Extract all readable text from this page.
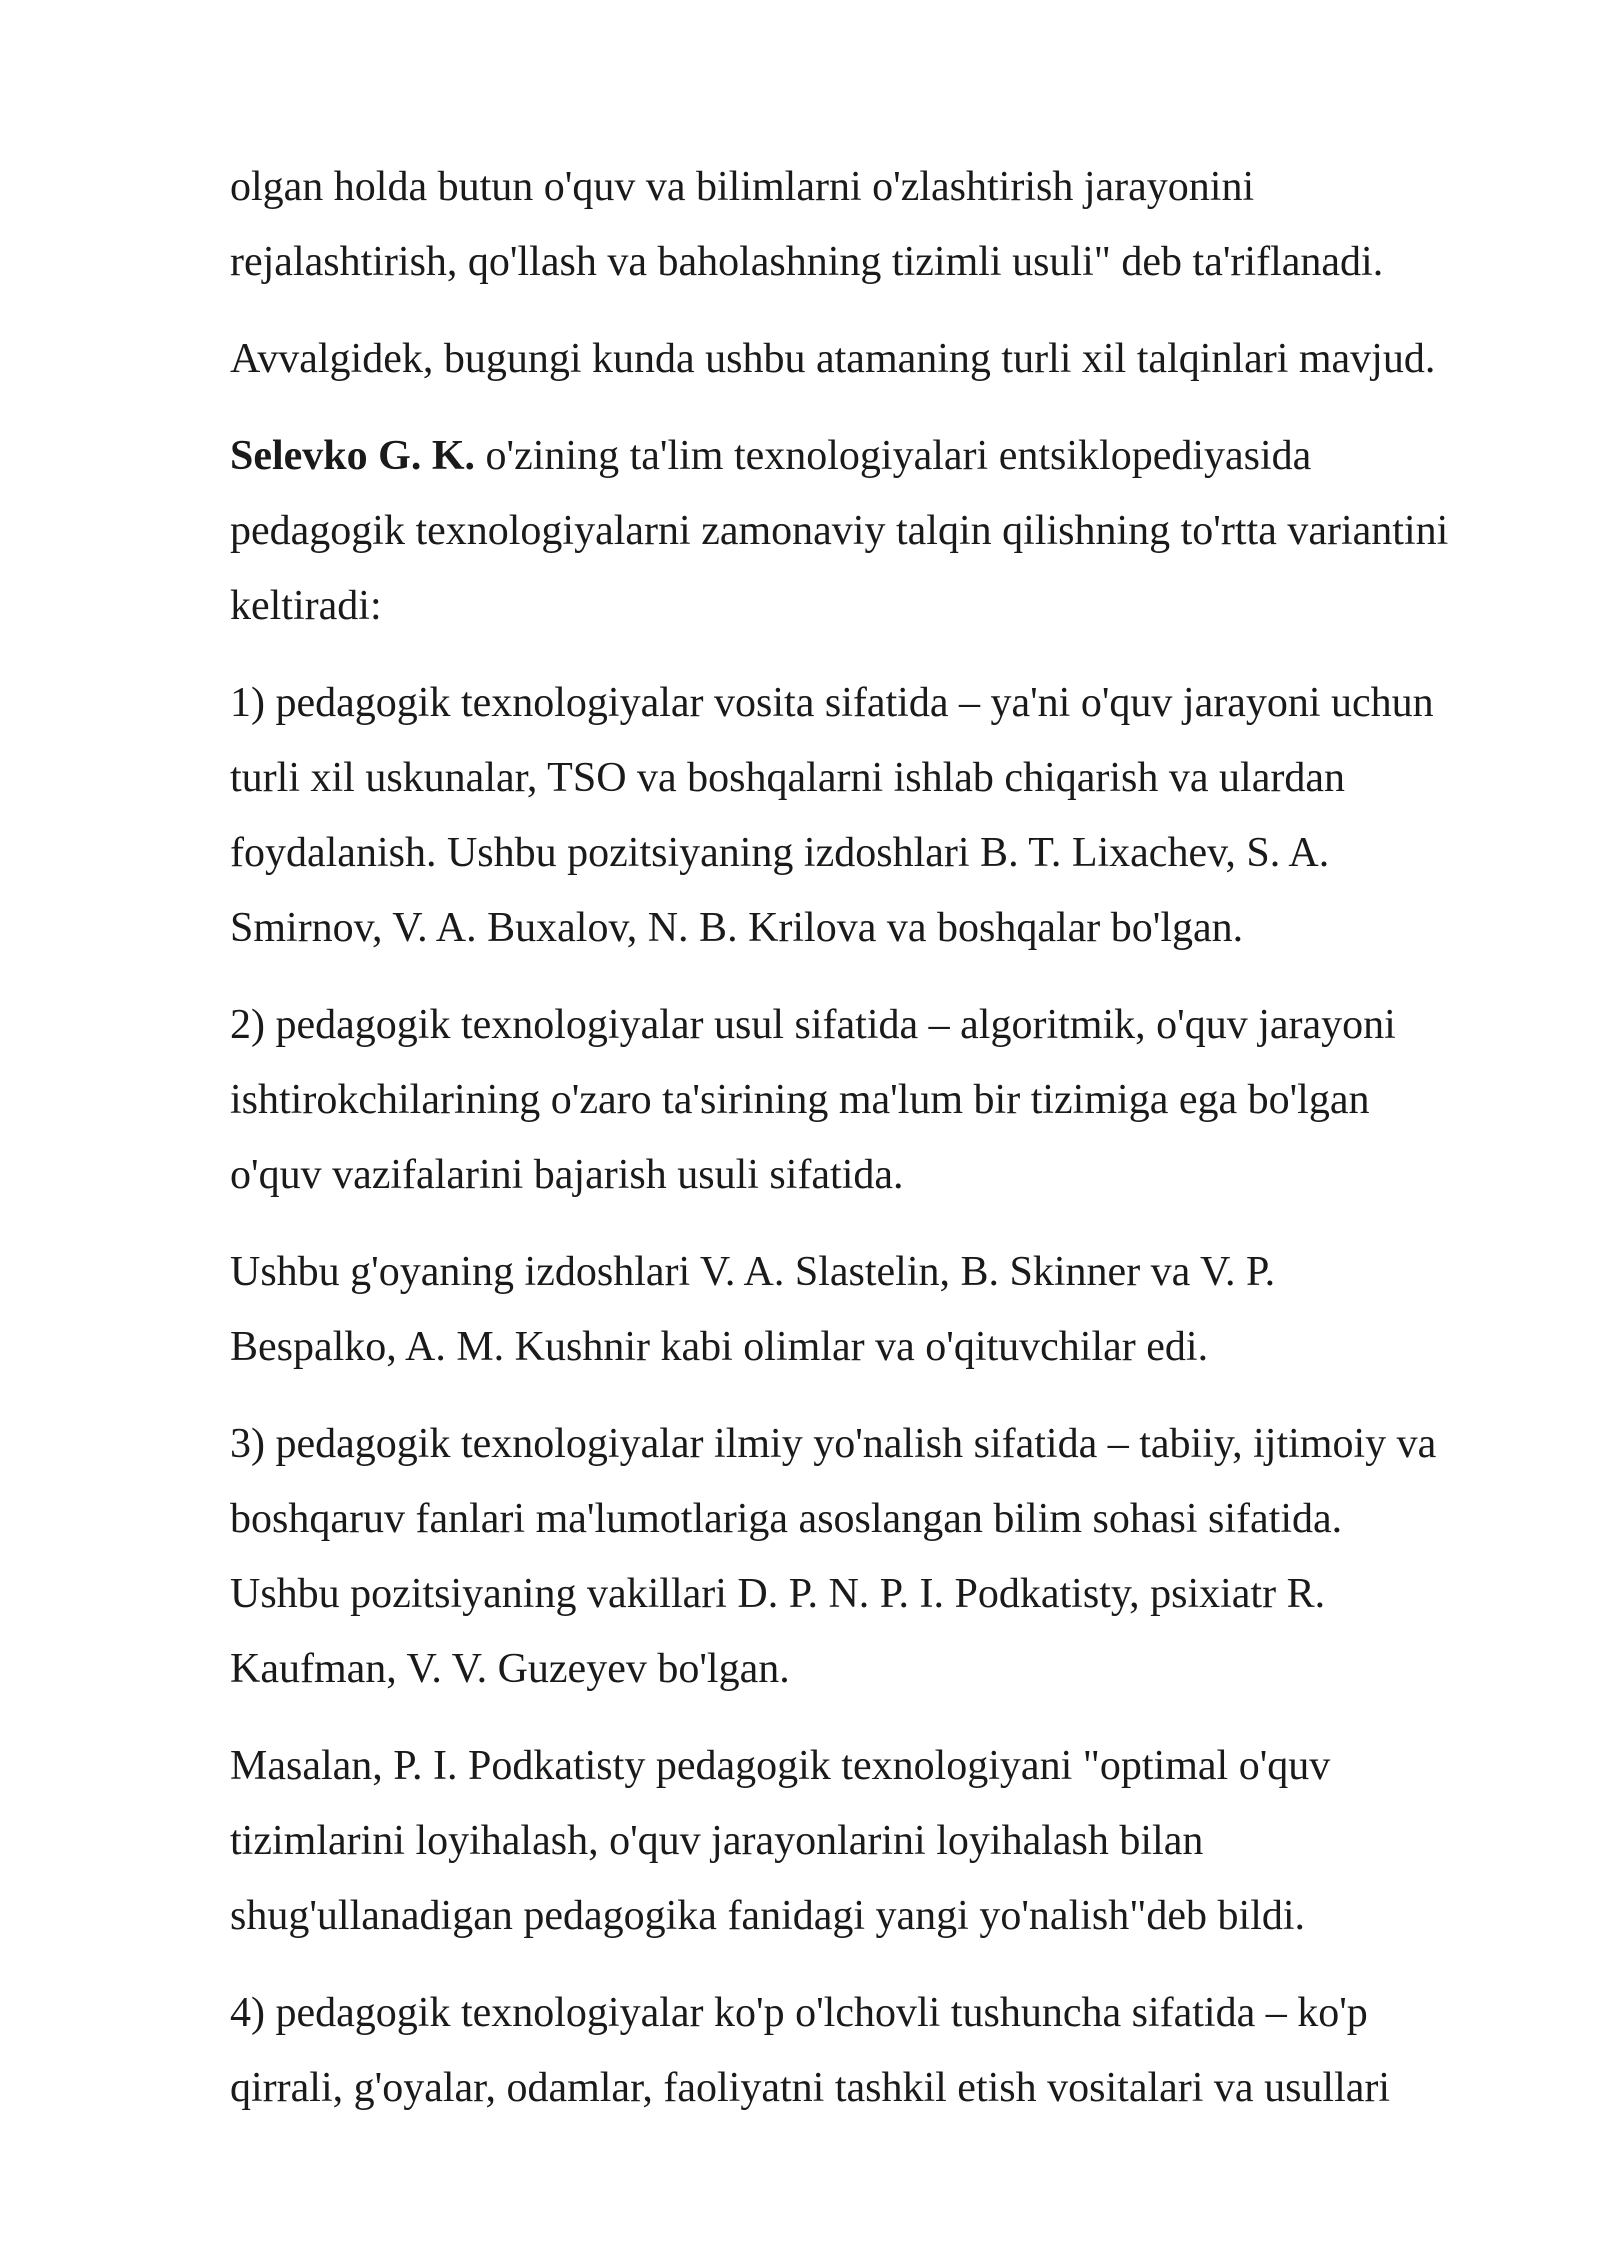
olgan holda butun o'quv va bilimlarni o'zlashtirish jarayonini
rejalashtirish, qo'llash va baholashning tizimli usuli" deb ta'riflanadi.

Avvalgidek, bugungi kunda ushbu atamaning turli xil talqinlari mavjud.

Selevko G. K. o'zining ta'lim texnologiyalari entsiklopediyasida
pedagogik texnologiyalarni zamonaviy talqin qilishning to'rtta variantini
keltiradi:

1) pedagogik texnologiyalar vosita sifatida – ya'ni o'quv jarayoni uchun
turli xil uskunalar, TSO va boshqalarni ishlab chiqarish va ulardan
foydalanish. Ushbu pozitsiyaning izdoshlari B. T. Lixachev, S. A.
Smirnov, V. A. Buxalov, N. B. Krilova va boshqalar bo'lgan.

2) pedagogik texnologiyalar usul sifatida – algoritmik, o'quv jarayoni
ishtirokchilarining o'zaro ta'sirining ma'lum bir tizimiga ega bo'lgan
o'quv vazifalarini bajarish usuli sifatida.

Ushbu g'oyaning izdoshlari V. A. Slastelin, B. Skinner va V. P.
Bespalko, A. M. Kushnir kabi olimlar va o'qituvchilar edi.

3) pedagogik texnologiyalar ilmiy yo'nalish sifatida – tabiiy, ijtimoiy va
boshqaruv fanlari ma'lumotlariga asoslangan bilim sohasi sifatida.
Ushbu pozitsiyaning vakillari D. P. N. P. I. Podkatisty, psixiatr R.
Kaufman, V. V. Guzeyev bo'lgan.

Masalan, P. I. Podkatisty pedagogik texnologiyani "optimal o'quv
tizimlarini loyihalash, o'quv jarayonlarini loyihalash bilan
shug'ullanadigan pedagogika fanidagi yangi yo'nalish"deb bildi.

4) pedagogik texnologiyalar ko'p o'lchovli tushuncha sifatida – ko'p
qirrali, g'oyalar, odamlar, faoliyatni tashkil etish vositalari va usullari
